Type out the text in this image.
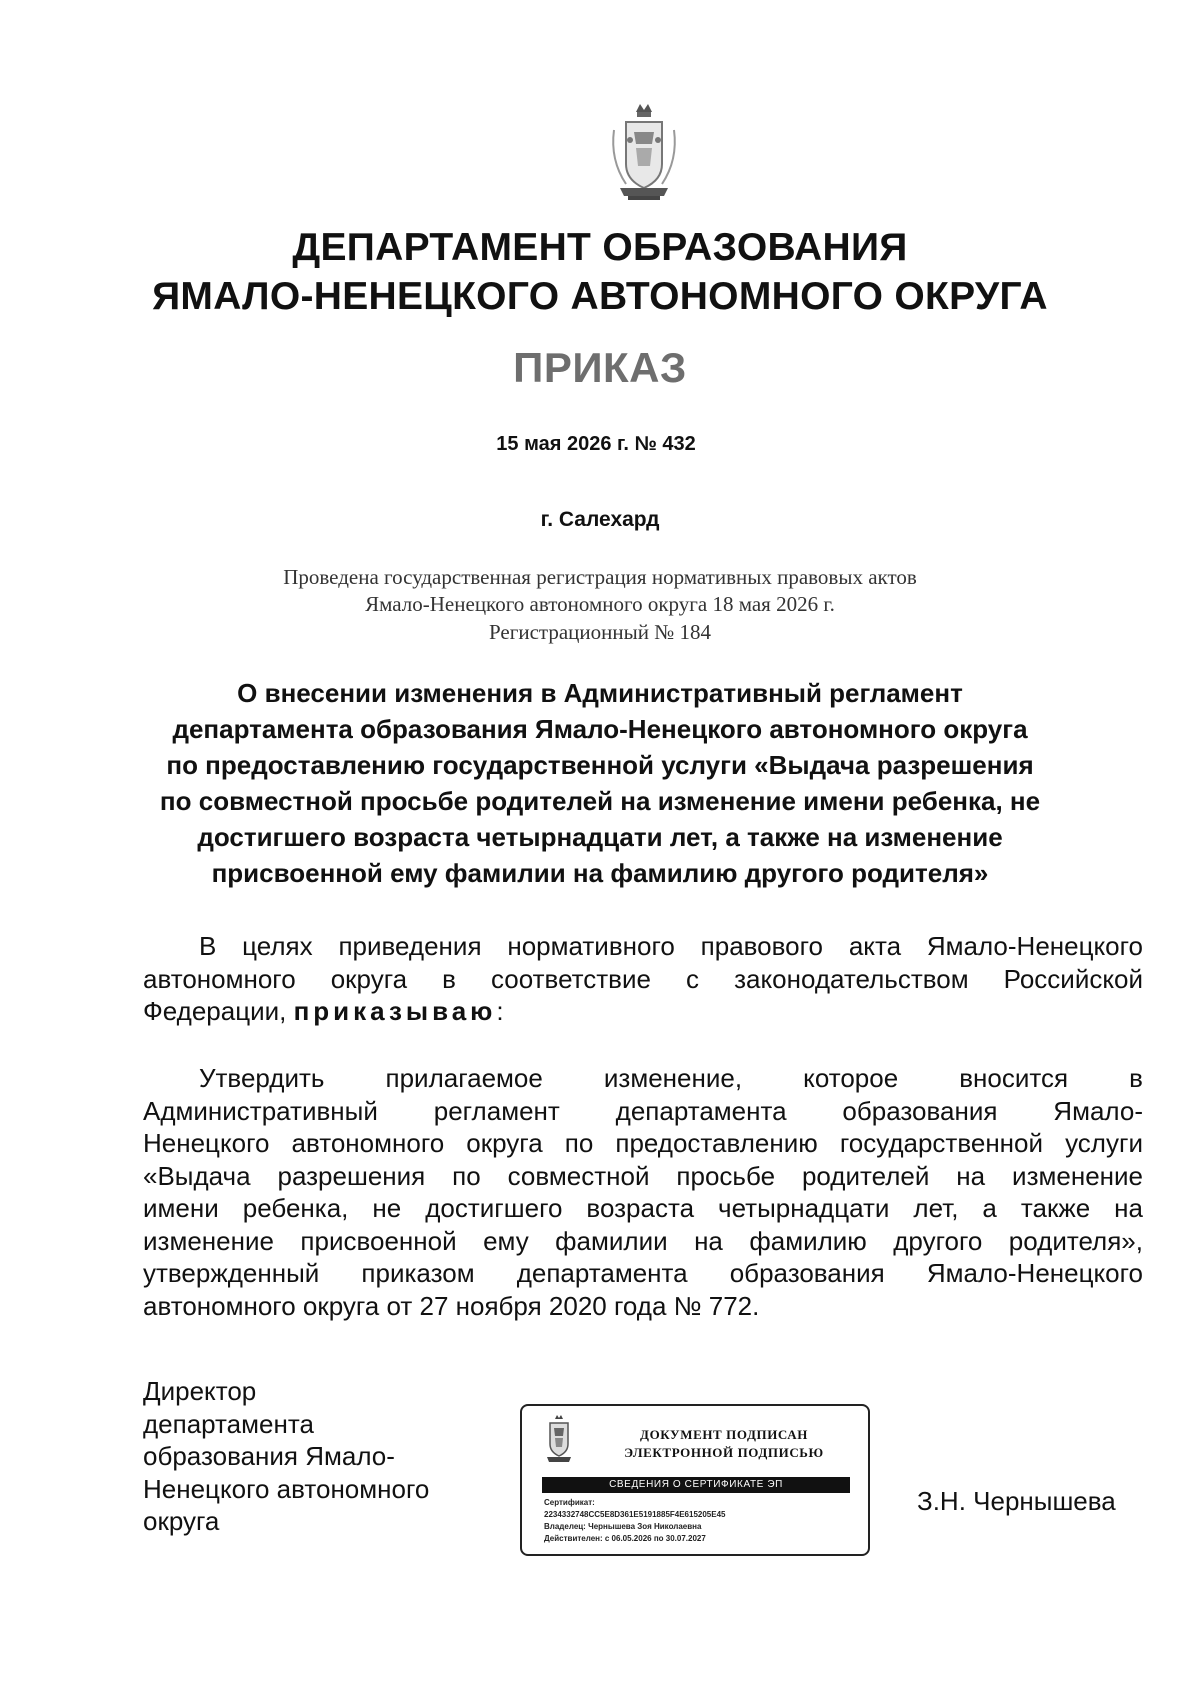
ДЕПАРТАМЕНТ ОБРАЗОВАНИЯ
ЯМАЛО-НЕНЕЦКОГО АВТОНОМНОГО ОКРУГА
ПРИКАЗ
15 мая 2026 г. № 432
г. Салехард
Проведена государственная регистрация нормативных правовых актов
Ямало-Ненецкого автономного округа 18 мая 2026 г.
Регистрационный № 184
О внесении изменения в Административный регламент
департамента образования Ямало-Ненецкого автономного округа
по предоставлению государственной услуги «Выдача разрешения
по совместной просьбе родителей на изменение имени ребенка, не
достигшего возраста четырнадцати лет, а также на изменение
присвоенной ему фамилии на фамилию другого родителя»
В целях приведения нормативного правового акта Ямало-Ненецкого
автономного округа в соответствие с законодательством Российской
Федерации, приказываю:
Утвердить прилагаемое изменение, которое вносится в
Административный регламент департамента образования Ямало-
Ненецкого автономного округа по предоставлению государственной услуги
«Выдача разрешения по совместной просьбе родителей на изменение
имени ребенка, не достигшего возраста четырнадцати лет, а также на
изменение присвоенной ему фамилии на фамилию другого родителя»,
утвержденный приказом департамента образования Ямало-Ненецкого
автономного округа от 27 ноября 2020 года № 772.
Директор
департамента
образования Ямало-
Ненецкого автономного
округа
ДОКУМЕНТ ПОДПИСАН
ЭЛЕКТРОННОЙ ПОДПИСЬЮ
СВЕДЕНИЯ О СЕРТИФИКАТЕ ЭП
Сертификат:
2234332748CC5E8D361E5191885F4E615205E45
Владелец: Чернышева Зоя Николаевна
Действителен: с 06.05.2026 по 30.07.2027
З.Н. Чернышева
